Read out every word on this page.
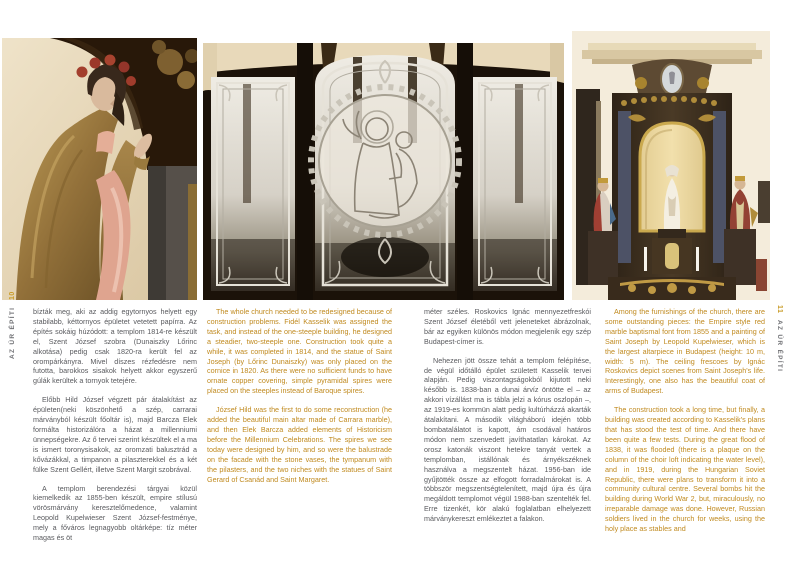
bízták meg, aki az addig egytornyos helyett egy stabilabb, kéttornyos épületet vetetett papírra. Az építés sokáig húzódott: a templom 1814-re készült el, Szent József szobra (Dunaiszky Lőrinc alkotása) pedig csak 1820-ra került fel az orompárkányra. Mivel díszes rézfedésre nem futotta, barokkos sisakok helyett akkor egyszerű gúlák kerültek a tornyok tetejére.

Előbb Hild József végzett pár átalakítást az épületen(neki köszönhető a szép, carrarai márványból készült főoltár is), majd Barcza Elek formálta historizálóra a házat a millenniumi ünnepségekre. Az ő tervei szerint készültek el a ma is ismert toronysisakok, az oromzati balusztrád a kővázákkal, a timpanon a pilaszterekkel és a két fülke Szent Gellért, illetve Szent Margit szobrával.

A templom berendezési tárgyai közül kiemelkedik az 1855-ben készült, empire stílusú vörösmárvány keresztelőmedence, valamint Leopold Kupelwieser Szent József-festménye, mely a főváros legnagyobb oltárképe: tíz méter magas és öt

The whole church needed to be redesigned because of construction problems. Fidél Kasselik was assigned the task, and instead of the one-steeple building, he designed a steadier, two-steeple one. Construction took quite a while, it was completed in 1814, and the statue of Saint Joseph (by Lőrinc Dunaiszky) was only placed on the cornice in 1820. As there were no sufficient funds to have ornate copper covering, simple pyramidal spires were placed on the steeples instead of Baroque spires.

József Hild was the first to do some reconstruction (he added the beautiful main altar made of Carrara marble), and then Elek Barcza added elements of Historicism before the Millennium Celebrations. The spires we see today were designed by him, and so were the balustrade on the facade with the stone vases, the tympanum with the pilasters, and the two niches with the statues of Saint Gerard of Csanád and Saint Margaret.

méter széles. Roskovics Ignác mennyezetfreskói Szent József életéből vett jeleneteket ábrázolnak, bár az egyiken különös módon megjelenik egy szép Budapest-címer is.

Nehezen jött össze tehát a templom felépítése, de végül időtálló épület született Kasselik tervei alapján. Pedig viszontagságokból kijutott neki később is. 1838-ban a dunai árvíz öntötte el – az akkori vízállást ma is tábla jelzi a kórus oszlopán –, az 1919-es kommün alatt pedig kultúrházzá akarták átalakítani. A második világháború idején több bombatalálatot is kapott, ám csodával határos módon nem szenvedett javíthatatlan károkat. Az orosz katonák viszont hetekre tanyát vertek a templomban, istállónak és árnyékszéknek használva a megszentelt házat. 1956-ban ide gyűjtötték össze az elfogott forradalmárokat is. A többször megszentségtelenített, majd újra és újra megáldott templomot végül 1988-ban szentelték fel. Erre tizenkét, kör alakú foglalatban elhelyezett márványkereszt emlékeztet a falakon.

Among the furnishings of the church, there are some outstanding pieces: the Empire style red marble baptismal font from 1855 and a painting of Saint Joseph by Leopold Kupelwieser, which is the largest altarpiece in Budapest (height: 10 m, width: 5 m). The ceiling frescoes by Ignác Roskovics depict scenes from Saint Joseph's life. Interestingly, one also has the beautiful coat of arms of Budapest.

The construction took a long time, but finally, a building was created according to Kasselik's plans that has stood the test of time. And there have been quite a few tests. During the great flood of 1838, it was flooded (there is a plaque on the column of the choir loft indicating the water level), and in 1919, during the Hungarian Soviet Republic, there were plans to transform it into a community cultural centre. Several bombs hit the building during World War 2, but, miraculously, no irreparable damage was done. However, Russian soldiers lived in the church for weeks, using the holy place as stables and

AZ ÚR ÉPÍTI
10
11
AZ ÚR ÉPÍTI
